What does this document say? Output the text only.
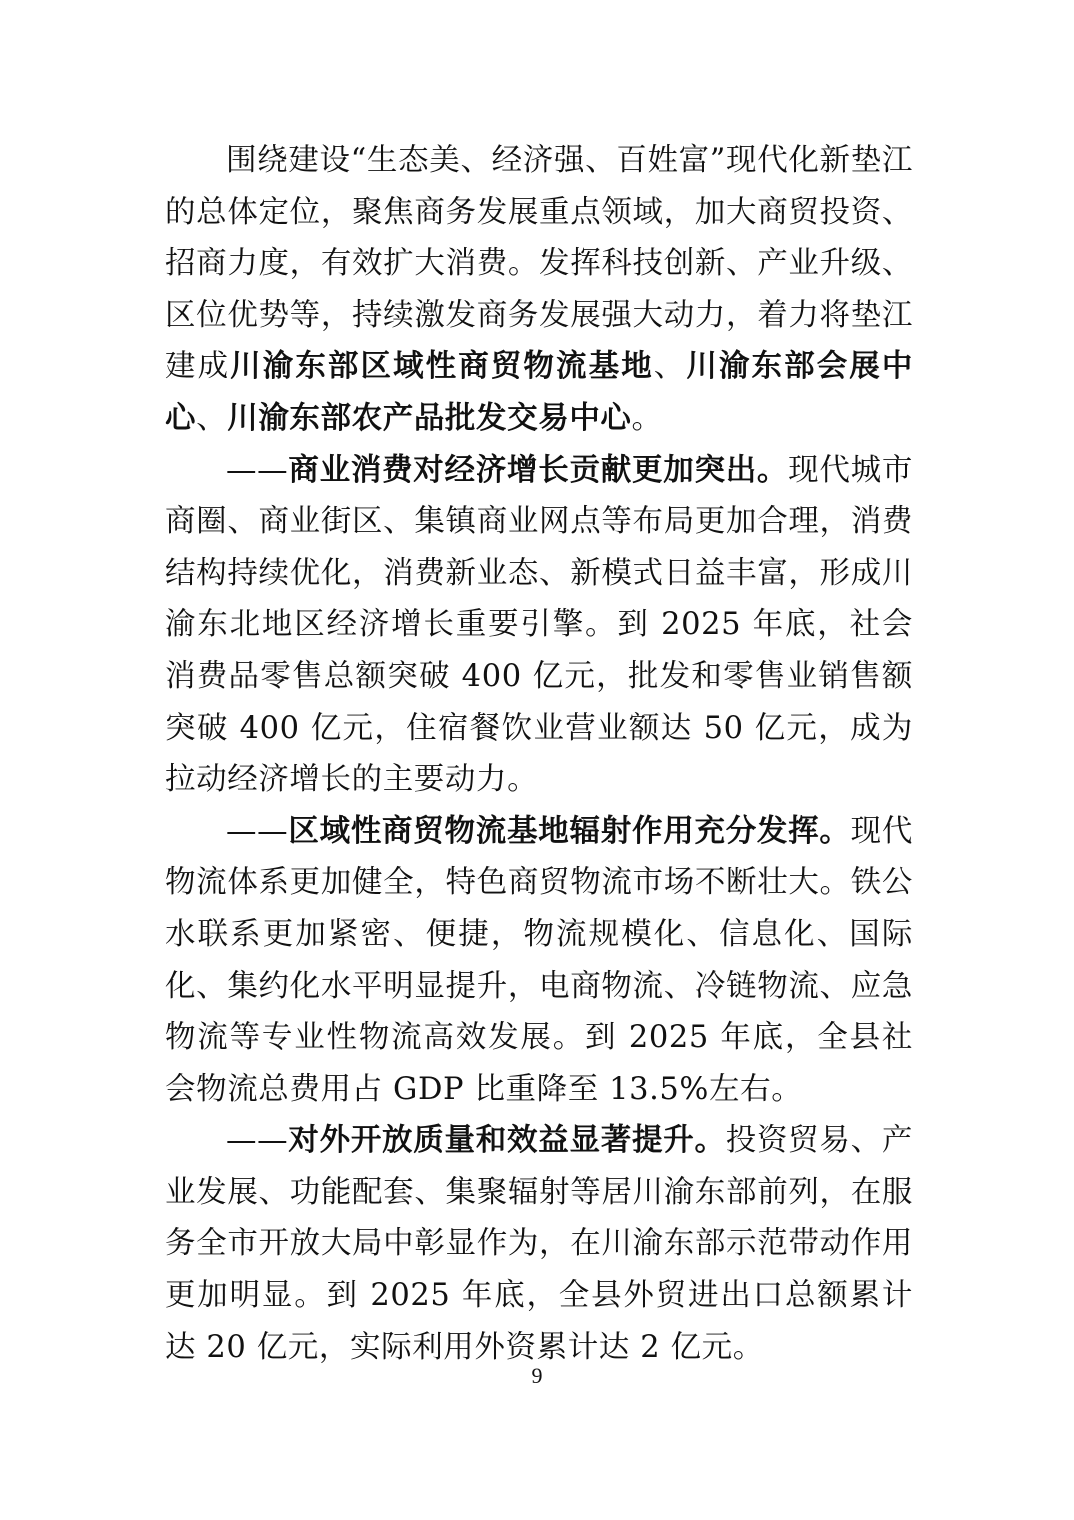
围绕建设“生态美、经济强、百姓富”现代化新垫江的总体定位，聚焦商务发展重点领域，加大商贸投资、招商力度，有效扩大消费。发挥科技创新、产业升级、区位优势等，持续激发商务发展强大动力，着力将垫江建成川渝东部区域性商贸物流基地、川渝东部会展中心、川渝东部农产品批发交易中心。

——商业消费对经济增长贡献更加突出。现代城市商圈、商业街区、集镇商业网点等布局更加合理，消费结构持续优化，消费新业态、新模式日益丰富，形成川渝东北地区经济增长重要引擎。到 2025 年底，社会消费品零售总额突破 400 亿元，批发和零售业销售额突破 400 亿元，住宿餐饮业营业额达 50 亿元，成为拉动经济增长的主要动力。

——区域性商贸物流基地辐射作用充分发挥。现代物流体系更加健全，特色商贸物流市场不断壮大。铁公水联系更加紧密、便捷，物流规模化、信息化、国际化、集约化水平明显提升，电商物流、冷链物流、应急物流等专业性物流高效发展。到 2025 年底，全县社会物流总费用占 GDP 比重降至 13.5%左右。

——对外开放质量和效益显著提升。投资贸易、产业发展、功能配套、集聚辐射等居川渝东部前列，在服务全市开放大局中彰显作为，在川渝东部示范带动作用更加明显。到 2025 年底，全县外贸进出口总额累计达 20 亿元，实际利用外资累计达 2 亿元。

9
